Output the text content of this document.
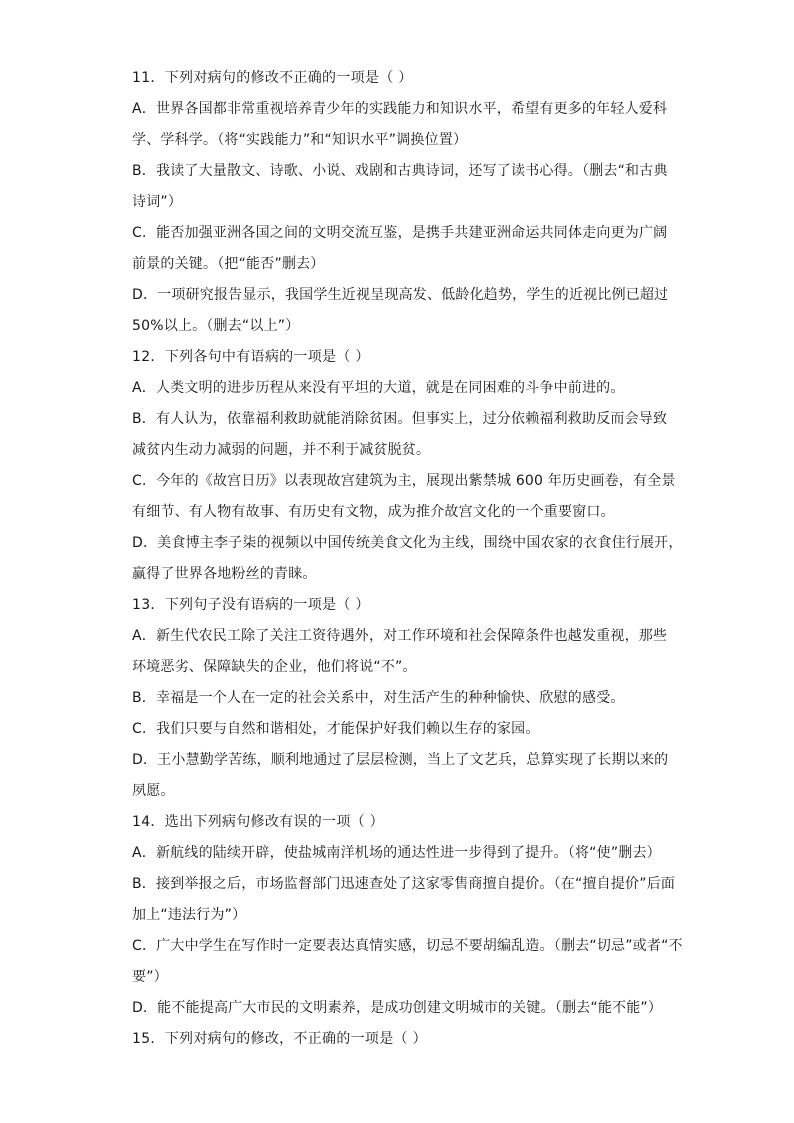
11．下列对病句的修改不正确的一项是（ ）
A．世界各国都非常重视培养青少年的实践能力和知识水平，希望有更多的年轻人爱科
学、学科学。（将“实践能力”和“知识水平”调换位置）
B．我读了大量散文、诗歌、小说、戏剧和古典诗词，还写了读书心得。（删去“和古典
诗词”）
C．能否加强亚洲各国之间的文明交流互鉴，是携手共建亚洲命运共同体走向更为广阔
前景的关键。（把“能否”删去）
D．一项研究报告显示，我国学生近视呈现高发、低龄化趋势，学生的近视比例已超过
50%以上。（删去“以上”）
12．下列各句中有语病的一项是（ ）
A．人类文明的进步历程从来没有平坦的大道，就是在同困难的斗争中前进的。
B．有人认为，依靠福利救助就能消除贫困。但事实上，过分依赖福利救助反而会导致
减贫内生动力减弱的问题，并不利于减贫脱贫。
C．今年的《故宫日历》以表现故宫建筑为主，展现出紫禁城 600 年历史画卷，有全景
有细节、有人物有故事、有历史有文物，成为推介故宫文化的一个重要窗口。
D．美食博主李子柒的视频以中国传统美食文化为主线，围绕中国农家的衣食住行展开，
赢得了世界各地粉丝的青睐。
13．下列句子没有语病的一项是（ ）
A．新生代农民工除了关注工资待遇外，对工作环境和社会保障条件也越发重视，那些
环境恶劣、保障缺失的企业，他们将说“不”。
B．幸福是一个人在一定的社会关系中，对生活产生的种种愉快、欣慰的感受。
C．我们只要与自然和谐相处，才能保护好我们赖以生存的家园。
D．王小慧勤学苦练，顺利地通过了层层检测，当上了文艺兵，总算实现了长期以来的
夙愿。
14．选出下列病句修改有误的一项（ ）
A．新航线的陆续开辟，使盐城南洋机场的通达性进一步得到了提升。（将“使”删去）
B．接到举报之后，市场监督部门迅速查处了这家零售商擅自提价。（在“擅自提价”后面
加上“违法行为”）
C．广大中学生在写作时一定要表达真情实感，切忌不要胡编乱造。（删去“切忌”或者“不
要”）
D．能不能提高广大市民的文明素养，是成功创建文明城市的关键。（删去“能不能”）
15．下列对病句的修改，不正确的一项是（ ）
